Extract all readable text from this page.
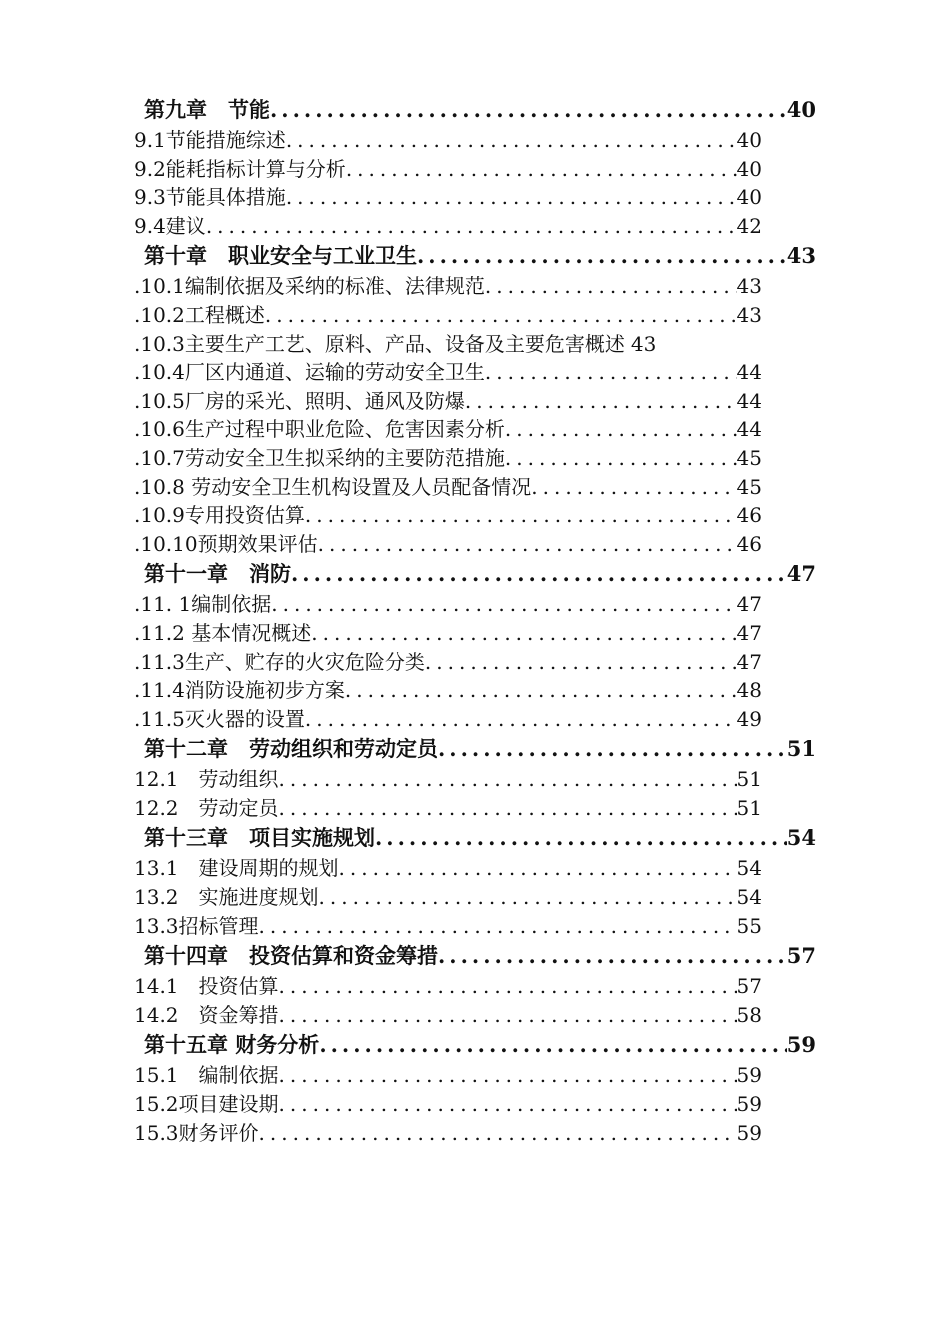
第九章　节能 .....	40
9.1节能措施综述 .....	40
9.2能耗指标计算与分析 .....	40
9.3节能具体措施 .....	40
9.4建议 .....	42
第十章　职业安全与工业卫生 .....	43
.10.1编制依据及采纳的标准、法律规范 .....	43
.10.2工程概述 .....	43
.10.3主要生产工艺、原料、产品、设备及主要危害概述 43
.10.4厂区内通道、运输的劳动安全卫生 .....	44
.10.5厂房的采光、照明、通风及防爆 .....	44
.10.6生产过程中职业危险、危害因素分析 .....	44
.10.7劳动安全卫生拟采纳的主要防范措施 .....	45
.10.8 劳动安全卫生机构设置及人员配备情况 .....	45
.10.9专用投资估算 .....	46
.10.10预期效果评估 .....	46
第十一章　消防 .....	47
.11. 1编制依据 .....	47
.11.2 基本情况概述 .....	47
.11.3生产、贮存的火灾危险分类 .....	47
.11.4消防设施初步方案 .....	48
.11.5灭火器的设置 .....	49
第十二章　劳动组织和劳动定员 .....	51
12.1　劳动组织 .....	51
12.2　劳动定员 .....	51
第十三章　项目实施规划 .....	54
13.1　建设周期的规划 .....	54
13.2　实施进度规划 .....	54
13.3招标管理 .....	55
第十四章　投资估算和资金筹措 .....	57
14.1　投资估算 .....	57
14.2　资金筹措 .....	58
第十五章 财务分析 .....	59
15.1　编制依据 .....	59
15.2项目建设期 .....	59
15.3财务评价 .....	59
